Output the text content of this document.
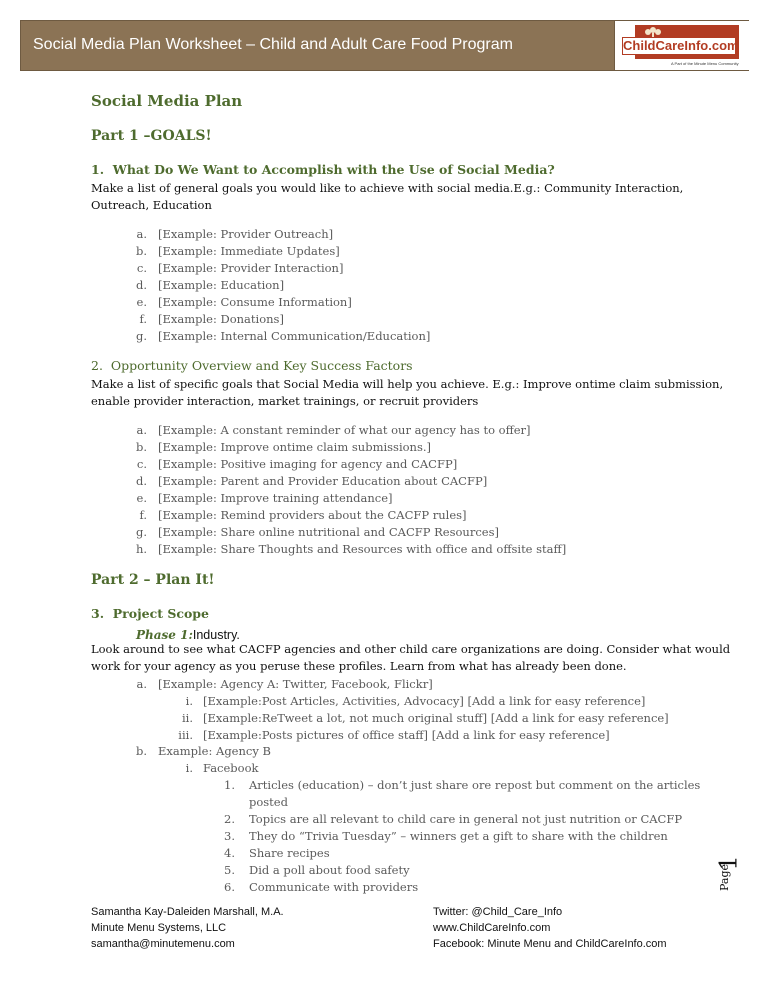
Social Media Plan Worksheet – Child and Adult Care Food Program	ChildCareInfo.com
A Part of the Minute Menu Community
Social Media Plan
Part 1 –GOALS!
1. What Do We Want to Accomplish with the Use of Social Media?
Make a list of general goals you would like to achieve with social media.E.g.: Community Interaction,
Outreach, Education
a. [Example: Provider Outreach]
b. [Example: Immediate Updates]
c. [Example: Provider Interaction]
d. [Example: Education]
e. [Example: Consume Information]
f. [Example: Donations]
g. [Example: Internal Communication/Education]
2. Opportunity Overview and Key Success Factors
Make a list of specific goals that Social Media will help you achieve. E.g.: Improve ontime claim submission,
enable provider interaction, market trainings, or recruit providers
a. [Example: A constant reminder of what our agency has to offer]
b. [Example: Improve ontime claim submissions.]
c. [Example: Positive imaging for agency and CACFP]
d. [Example: Parent and Provider Education about CACFP]
e. [Example: Improve training attendance]
f. [Example: Remind providers about the CACFP rules]
g. [Example: Share online nutritional and CACFP Resources]
h. [Example: Share Thoughts and Resources with office and offsite staff]
Part 2 – Plan It!
3. Project Scope
Phase 1:Industry.
Look around to see what CACFP agencies and other child care organizations are doing. Consider what would
work for your agency as you peruse these profiles. Learn from what has already been done.
a. [Example: Agency A: Twitter, Facebook, Flickr]
i. [Example:Post Articles, Activities, Advocacy] [Add a link for easy reference]
ii. [Example:ReTweet a lot, not much original stuff] [Add a link for easy reference]
iii. [Example:Posts pictures of office staff] [Add a link for easy reference]
b. Example: Agency B
i. Facebook
1. Articles (education) – don’t just share ore repost but comment on the articles
posted
2. Topics are all relevant to child care in general not just nutrition or CACFP
3. They do “Trivia Tuesday” – winners get a gift to share with the children
4. Share recipes
5. Did a poll about food safety
6. Communicate with providers	Page
1
Samantha Kay-Daleiden Marshall, M.A.
Minute Menu Systems, LLC
samantha@minutemenu.com
Twitter: @Child_Care_Info
www.ChildCareInfo.com
Facebook: Minute Menu and ChildCareInfo.com
